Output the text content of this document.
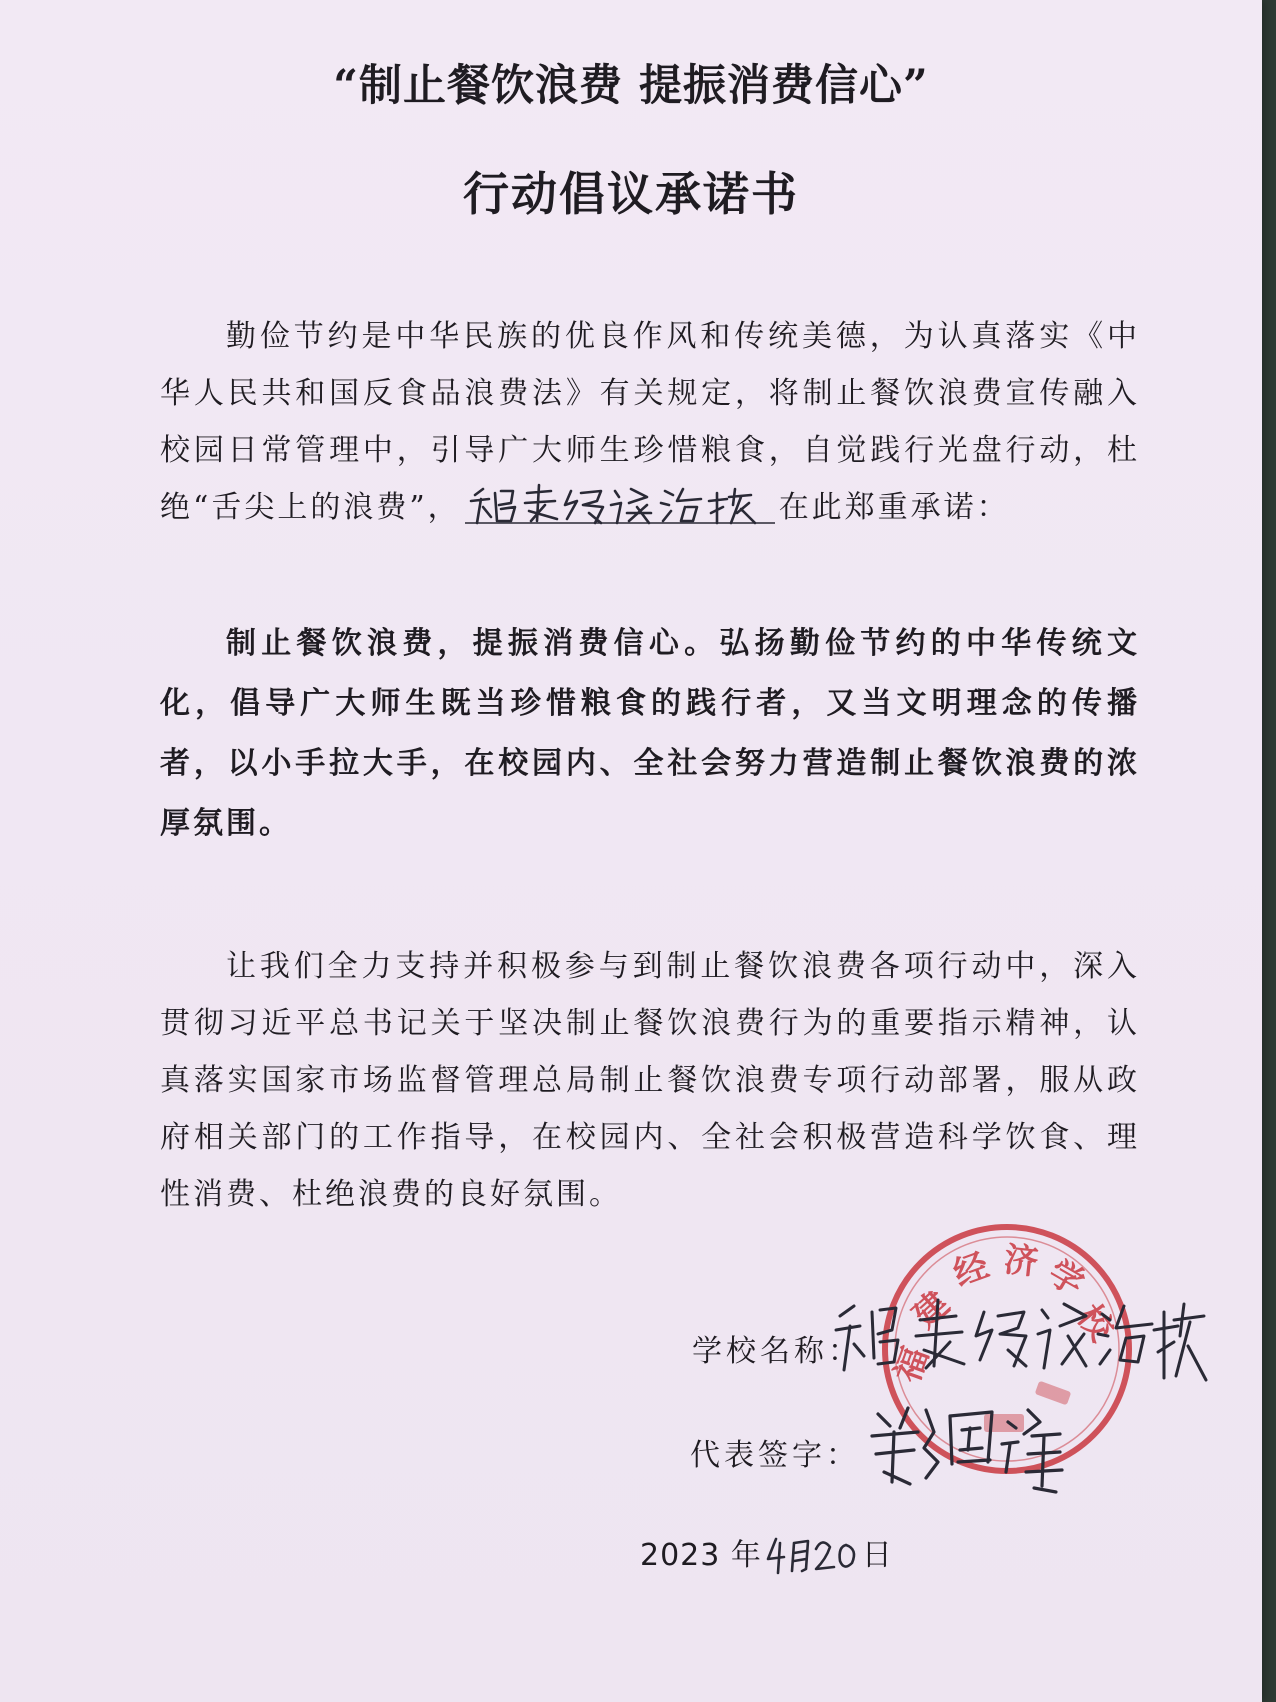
“制止餐饮浪费 提振消费信心”
行动倡议承诺书

勤俭节约是中华民族的优良作风和传统美德，为认真落实《中华人民共和国反食品浪费法》有关规定，将制止餐饮浪费宣传融入校园日常管理中，引导广大师生珍惜粮食，自觉践行光盘行动，杜绝“舌尖上的浪费”，	在此郑重承诺：

制止餐饮浪费，提振消费信心。弘扬勤俭节约的中华传统文化，倡导广大师生既当珍惜粮食的践行者，又当文明理念的传播者，以小手拉大手，在校园内、全社会努力营造制止餐饮浪费的浓厚氛围。

让我们全力支持并积极参与到制止餐饮浪费各项行动中，深入贯彻习近平总书记关于坚决制止餐饮浪费行为的重要指示精神，认真落实国家市场监督管理总局制止餐饮浪费专项行动部署，服从政府相关部门的工作指导，在校园内、全社会积极营造科学饮食、理性消费、杜绝浪费的良好氛围。

建
经 济 学
校
福
学校名称：
代表签字：
2023 年	日
